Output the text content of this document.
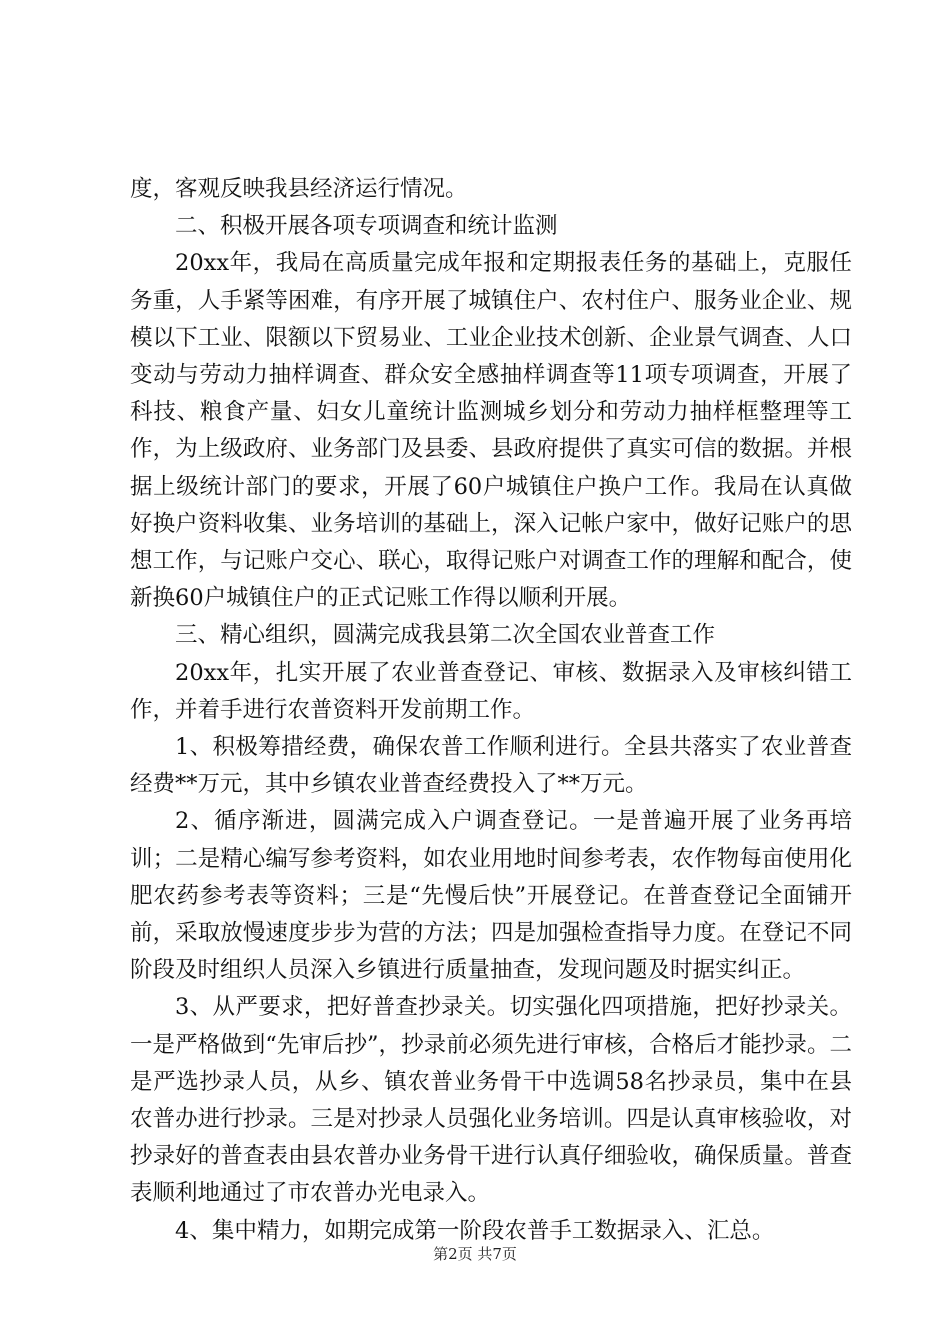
度，客观反映我县经济运行情况。

二、积极开展各项专项调查和统计监测

20xx年，我局在高质量完成年报和定期报表任务的基础上，克服任务重，人手紧等困难，有序开展了城镇住户、农村住户、服务业企业、规模以下工业、限额以下贸易业、工业企业技术创新、企业景气调查、人口变动与劳动力抽样调查、群众安全感抽样调查等11项专项调查，开展了科技、粮食产量、妇女儿童统计监测城乡划分和劳动力抽样框整理等工作，为上级政府、业务部门及县委、县政府提供了真实可信的数据。并根据上级统计部门的要求，开展了60户城镇住户换户工作。我局在认真做好换户资料收集、业务培训的基础上，深入记帐户家中，做好记账户的思想工作，与记账户交心、联心，取得记账户对调查工作的理解和配合，使新换60户城镇住户的正式记账工作得以顺利开展。

三、精心组织，圆满完成我县第二次全国农业普查工作

20xx年，扎实开展了农业普查登记、审核、数据录入及审核纠错工作，并着手进行农普资料开发前期工作。

1、积极筹措经费，确保农普工作顺利进行。全县共落实了农业普查经费**万元，其中乡镇农业普查经费投入了**万元。

2、循序渐进，圆满完成入户调查登记。一是普遍开展了业务再培训；二是精心编写参考资料，如农业用地时间参考表，农作物每亩使用化肥农药参考表等资料；三是“先慢后快”开展登记。在普查登记全面铺开前，采取放慢速度步步为营的方法；四是加强检查指导力度。在登记不同阶段及时组织人员深入乡镇进行质量抽查，发现问题及时据实纠正。

3、从严要求，把好普查抄录关。切实强化四项措施，把好抄录关。一是严格做到“先审后抄”，抄录前必须先进行审核，合格后才能抄录。二是严选抄录人员，从乡、镇农普业务骨干中选调58名抄录员，集中在县农普办进行抄录。三是对抄录人员强化业务培训。四是认真审核验收，对抄录好的普查表由县农普办业务骨干进行认真仔细验收，确保质量。普查表顺利地通过了市农普办光电录入。

4、集中精力，如期完成第一阶段农普手工数据录入、汇总。

第2页 共7页
